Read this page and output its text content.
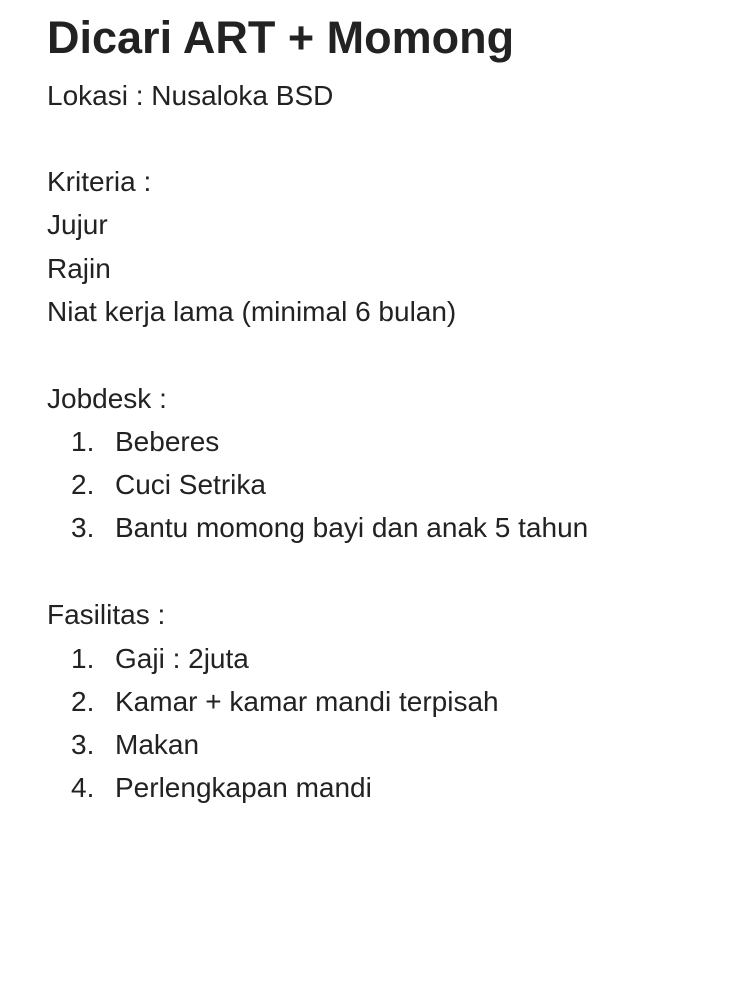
Dicari ART + Momong
Lokasi : Nusaloka BSD
Kriteria :
Jujur
Rajin
Niat kerja lama (minimal 6 bulan)
Jobdesk :
1. Beberes
2. Cuci Setrika
3. Bantu momong bayi dan anak 5 tahun
Fasilitas :
1. Gaji : 2juta
2. Kamar + kamar mandi terpisah
3. Makan
4. Perlengkapan mandi
